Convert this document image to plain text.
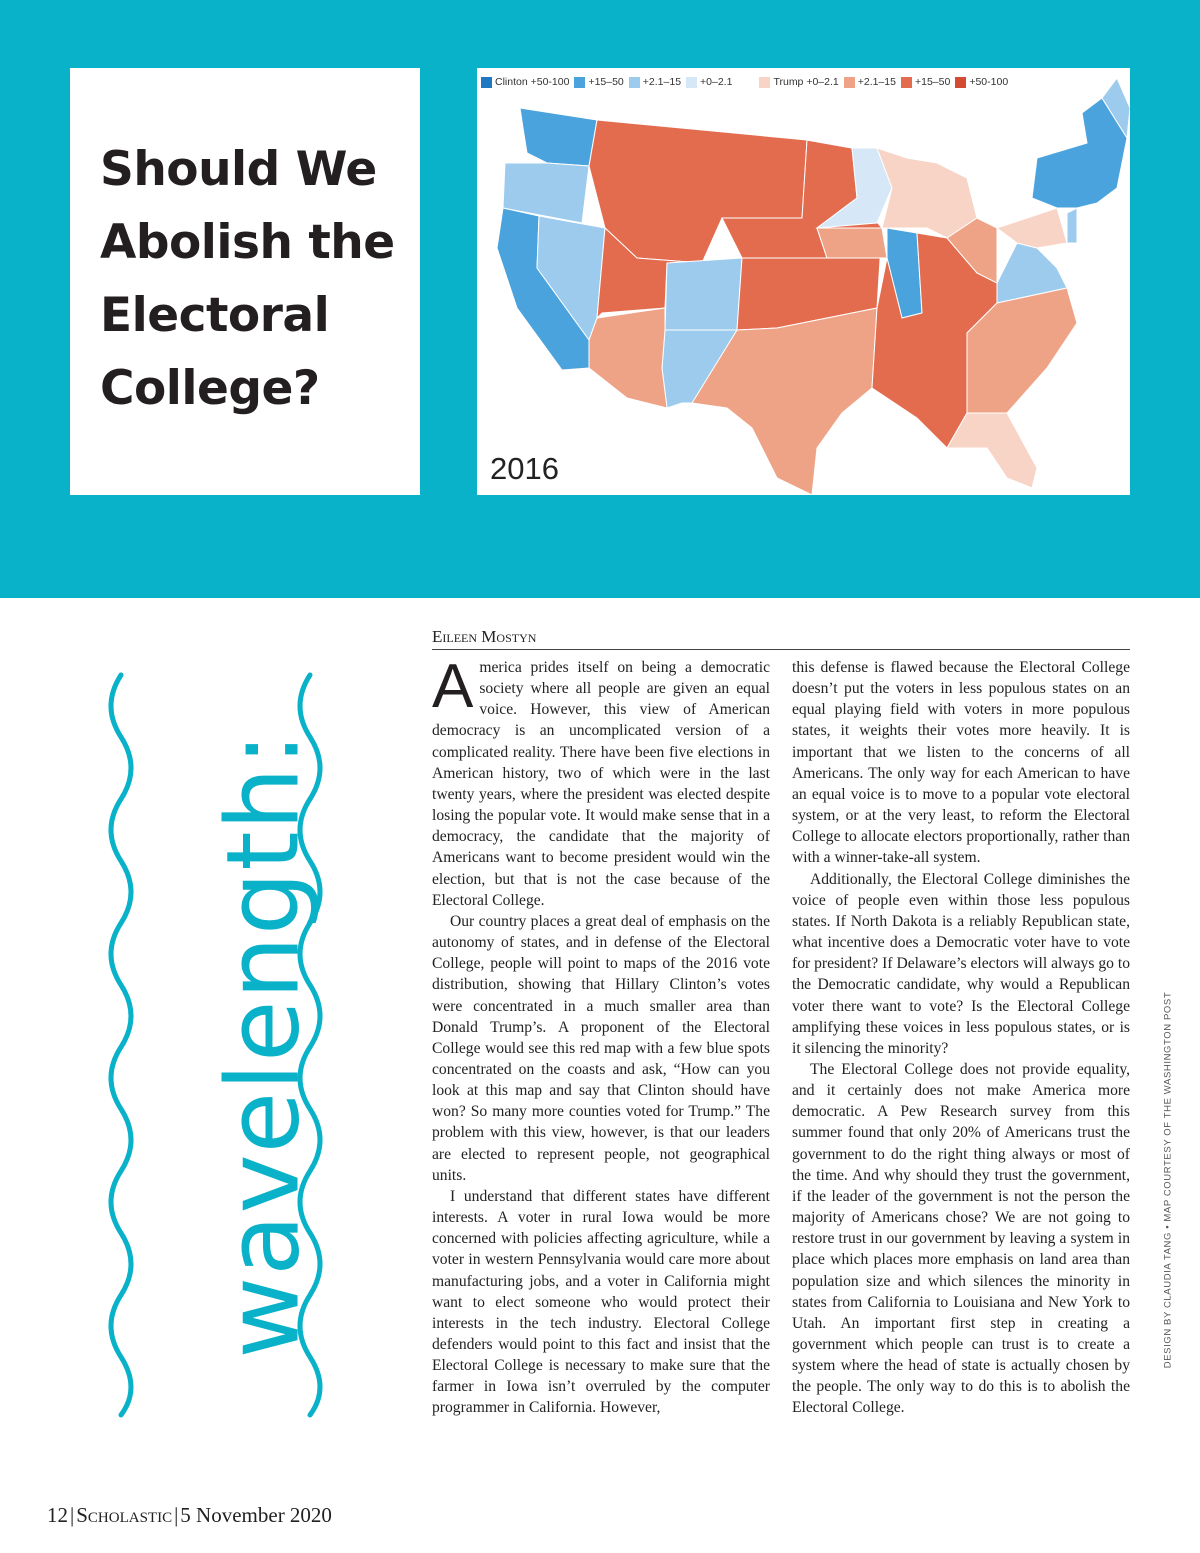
Should We Abolish the Electoral College?
Clinton +50-100 +15–50 +2.1–15 +0–2.1	Trump +0–2.1 +2.1–15 +15–50 +50-100
2016
wavelength:
Eileen Mostyn

America prides itself on being a democratic society where all people are given an equal voice. However, this view of American democracy is an uncomplicated version of a complicated reality. There have been five elections in American history, two of which were in the last twenty years, where the president was elected despite losing the popular vote. It would make sense that in a democracy, the candidate that the majority of Americans want to become president would win the election, but that is not the case because of the Electoral College.

Our country places a great deal of emphasis on the autonomy of states, and in defense of the Electoral College, people will point to maps of the 2016 vote distribution, showing that Hillary Clinton’s votes were concentrated in a much smaller area than Donald Trump’s. A proponent of the Electoral College would see this red map with a few blue spots concentrated on the coasts and ask, “How can you look at this map and say that Clinton should have won? So many more counties voted for Trump.” The problem with this view, however, is that our leaders are elected to represent people, not geographical units.

I understand that different states have different interests. A voter in rural Iowa would be more concerned with policies affecting agriculture, while a voter in western Pennsylvania would care more about manufacturing jobs, and a voter in California might want to elect someone who would protect their interests in the tech industry. Electoral College defenders would point to this fact and insist that the Electoral College is necessary to make sure that the farmer in Iowa isn’t overruled by the computer programmer in California. However,

this defense is flawed because the Electoral College doesn’t put the voters in less populous states on an equal playing field with voters in more populous states, it weights their votes more heavily. It is important that we listen to the concerns of all Americans. The only way for each American to have an equal voice is to move to a popular vote electoral system, or at the very least, to reform the Electoral College to allocate electors proportionally, rather than with a winner-take-all system.

Additionally, the Electoral College diminishes the voice of people even within those less populous states. If North Dakota is a reliably Republican state, what incentive does a Democratic voter have to vote for president? If Delaware’s electors will always go to the Democratic candidate, why would a Republican voter there want to vote? Is the Electoral College amplifying these voices in less populous states, or is it silencing the minority?

The Electoral College does not provide equality, and it certainly does not make America more democratic. A Pew Research survey from this summer found that only 20% of Americans trust the government to do the right thing always or most of the time. And why should they trust the government, if the leader of the government is not the person the majority of Americans chose? We are not going to restore trust in our government by leaving a system in place which places more emphasis on land area than population size and which silences the minority in states from California to Louisiana and New York to Utah. An important first step in creating a government which people can trust is to create a system where the head of state is actually chosen by the people. The only way to do this is to abolish the Electoral College.

DESIGN BY CLAUDIA TANG • MAP COURTESY OF THE WASHINGTON POST
12|Scholastic|5 November 2020
